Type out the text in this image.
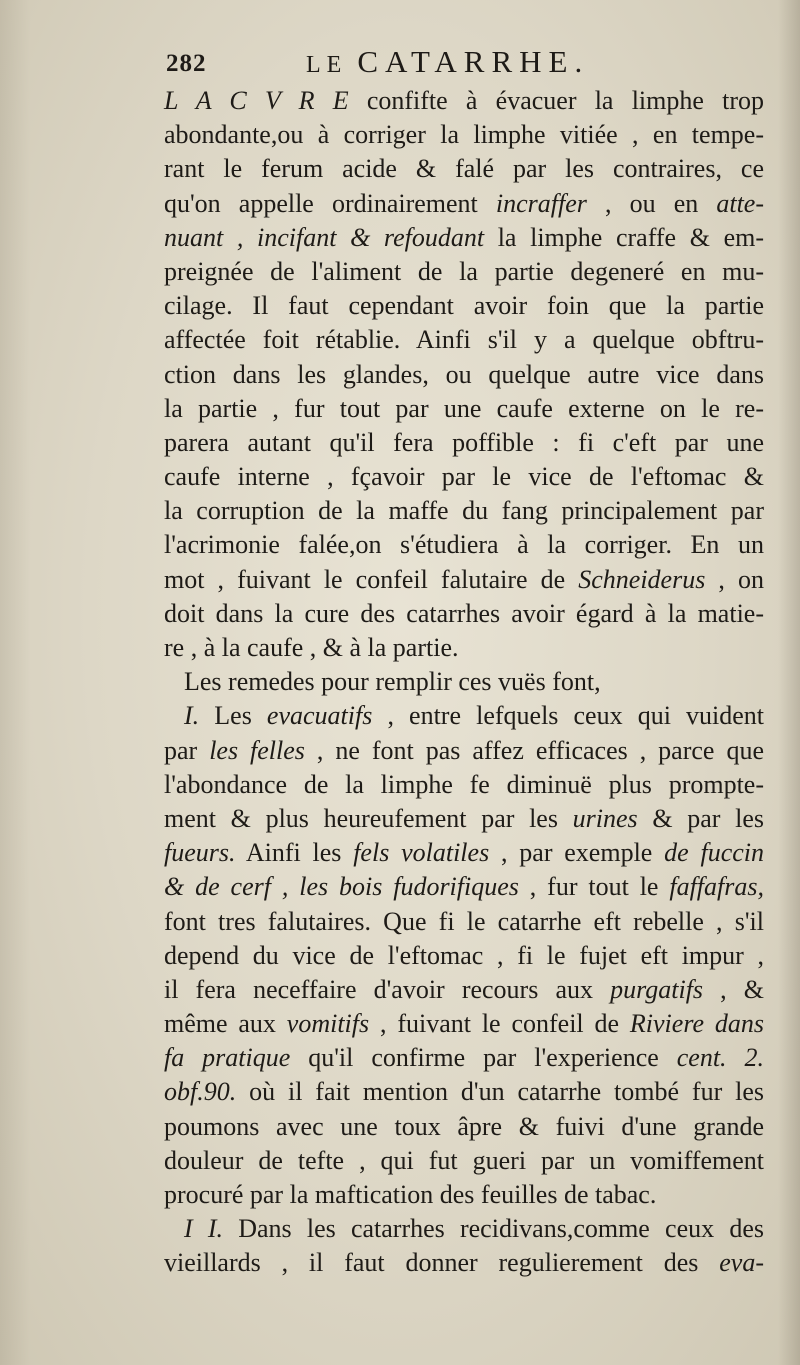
282	LE CATARRHE.
L A C V R E confifte à évacuer la limphe trop
abondante,ou à corriger la limphe vitiée , en tempe-
rant le ferum acide & falé par les contraires, ce
qu'on appelle ordinairement incraffer , ou en atte-
nuant , incifant & refoudant la limphe craffe & em-
preignée de l'aliment de la partie degeneré en mu-
cilage. Il faut cependant avoir foin que la partie
affectée foit rétablie. Ainfi s'il y a quelque obftru-
ction dans les glandes, ou quelque autre vice dans
la partie , fur tout par une caufe externe on le re-
parera autant qu'il fera poffible : fi c'eft par une
caufe interne , fçavoir par le vice de l'eftomac &
la corruption de la maffe du fang principalement par
l'acrimonie falée,on s'étudiera à la corriger. En un
mot , fuivant le confeil falutaire de Schneiderus , on
doit dans la cure des catarrhes avoir égard à la matie-
re , à la caufe , & à la partie.
Les remedes pour remplir ces vuës font,
I. Les evacuatifs , entre lefquels ceux qui vuident
par les felles , ne font pas affez efficaces , parce que
l'abondance de la limphe fe diminuë plus prompte-
ment & plus heureufement par les urines & par les
fueurs. Ainfi les fels volatiles , par exemple de fuccin
& de cerf , les bois fudorifiques , fur tout le faffafras,
font tres falutaires. Que fi le catarrhe eft rebelle , s'il
depend du vice de l'eftomac , fi le fujet eft impur ,
il fera neceffaire d'avoir recours aux purgatifs , &
même aux vomitifs , fuivant le confeil de Riviere dans
fa pratique qu'il confirme par l'experience cent. 2.
obf.90. où il fait mention d'un catarrhe tombé fur les
poumons avec une toux âpre & fuivi d'une grande
douleur de tefte , qui fut gueri par un vomiffement
procuré par la maftication des feuilles de tabac.
I I. Dans les catarrhes recidivans,comme ceux des
vieillards , il faut donner regulierement des eva-
